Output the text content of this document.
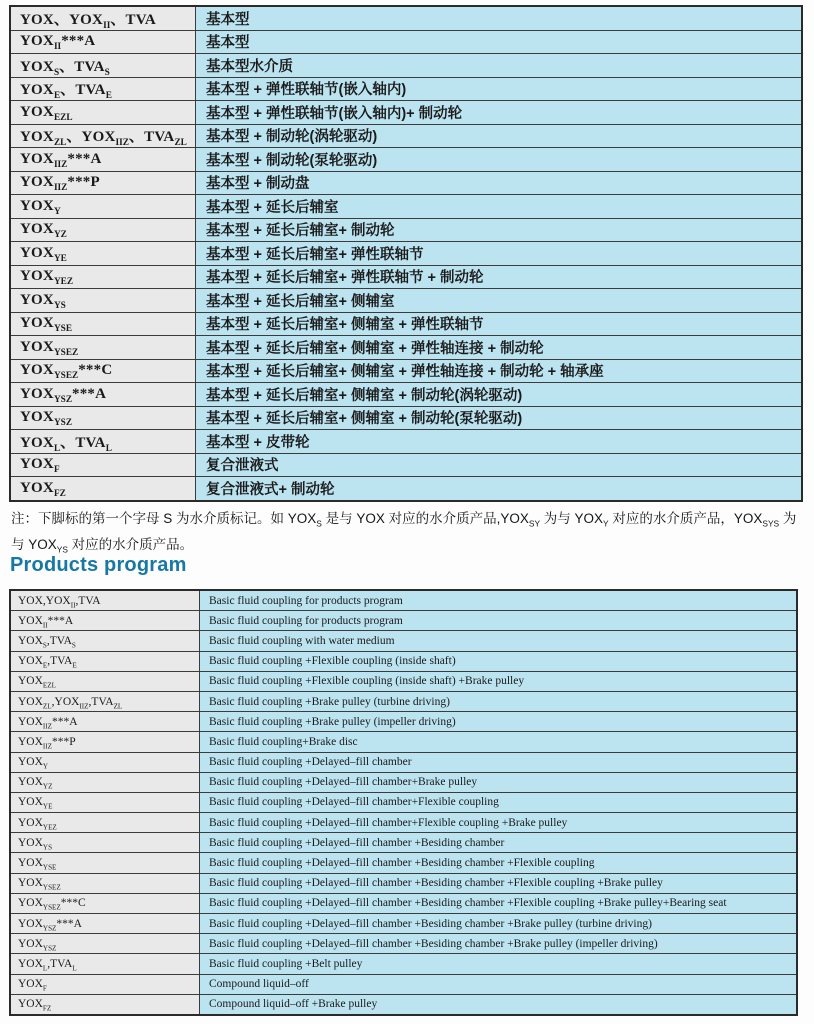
YOX、$YOX_{II}$、TVA	基本型
$YOX_{II}***A$	基本型
$YOX_S$、$TVA_S$	基本型水介质
$YOX_E$、$TVA_E$	基本型 + 弹性联轴节(嵌入轴内)
$YOX_{EZL}$	基本型 + 弹性联轴节(嵌入轴内)+ 制动轮
$YOX_{ZL}$、$YOX_{IIZ}$、$TVA_{ZL}$	基本型 + 制动轮(涡轮驱动)
$YOX_{IIZ}***A$	基本型 + 制动轮(泵轮驱动)
$YOX_{IIZ}***P$	基本型 + 制动盘
$YOX_Y$	基本型 + 延长后辅室
$YOX_{YZ}$	基本型 + 延长后辅室+ 制动轮
$YOX_{YE}$	基本型 + 延长后辅室+ 弹性联轴节
$YOX_{YEZ}$	基本型 + 延长后辅室+ 弹性联轴节 + 制动轮
$YOX_{YS}$	基本型 + 延长后辅室+ 侧辅室
$YOX_{YSE}$	基本型 + 延长后辅室+ 侧辅室 + 弹性联轴节
$YOX_{YSEZ}$	基本型 + 延长后辅室+ 侧辅室 + 弹性轴连接 + 制动轮
$YOX_{YSEZ}***C$	基本型 + 延长后辅室+ 侧辅室 + 弹性轴连接 + 制动轮 + 轴承座
$YOX_{YSZ}***A$	基本型 + 延长后辅室+ 侧辅室 + 制动轮(涡轮驱动)
$YOX_{YSZ}$	基本型 + 延长后辅室+ 侧辅室 + 制动轮(泵轮驱动)
$YOX_L$、$TVA_L$	基本型 + 皮带轮
$YOX_F$	复合泄液式
$YOX_{FZ}$	复合泄液式+ 制动轮
注：下脚标的第一个字母 S 为水介质标记。如 $YOX_S$ 是与 YOX 对应的水介质产品$,YOX_{SY}$ 为与 $YOX_Y$ 对应的水介质产品，$YOX_{SYS}$ 为与 $YOX_{YS}$ 对应的水介质产品。
Products program
$YOX,YOX_{II},TVA$	Basic fluid coupling for products program
$YOX_{II}***A$	Basic fluid coupling for products program
$YOX_S,TVA_S$	Basic fluid coupling with water medium
$YOX_E,TVA_E$	Basic fluid coupling +Flexible coupling (inside shaft)
$YOX_{EZL}$	Basic fluid coupling +Flexible coupling (inside shaft) +Brake pulley
$YOX_{ZL},YOX_{IIZ},TVA_{ZL}$	Basic fluid coupling +Brake pulley (turbine driving)
$YOX_{IIZ}***A$	Basic fluid coupling +Brake pulley (impeller driving)
$YOX_{IIZ}***P$	Basic fluid coupling+Brake disc
$YOX_Y$	Basic fluid coupling +Delayed–fill chamber
$YOX_{YZ}$	Basic fluid coupling +Delayed–fill chamber+Brake pulley
$YOX_{YE}$	Basic fluid coupling +Delayed–fill chamber+Flexible coupling
$YOX_{YEZ}$	Basic fluid coupling +Delayed–fill chamber+Flexible coupling +Brake pulley
$YOX_{YS}$	Basic fluid coupling +Delayed–fill chamber +Besiding chamber
$YOX_{YSE}$	Basic fluid coupling +Delayed–fill chamber +Besiding chamber +Flexible coupling
$YOX_{YSEZ}$	Basic fluid coupling +Delayed–fill chamber +Besiding chamber +Flexible coupling +Brake pulley
$YOX_{YSEZ}***C$	Basic fluid coupling +Delayed–fill chamber +Besiding chamber +Flexible coupling +Brake pulley+Bearing seat
$YOX_{YSZ}***A$	Basic fluid coupling +Delayed–fill chamber +Besiding chamber +Brake pulley (turbine driving)
$YOX_{YSZ}$	Basic fluid coupling +Delayed–fill chamber +Besiding chamber +Brake pulley (impeller driving)
$YOX_L,TVA_L$	Basic fluid coupling +Belt pulley
$YOX_F$	Compound liquid–off
$YOX_{FZ}$	Compound liquid–off +Brake pulley
